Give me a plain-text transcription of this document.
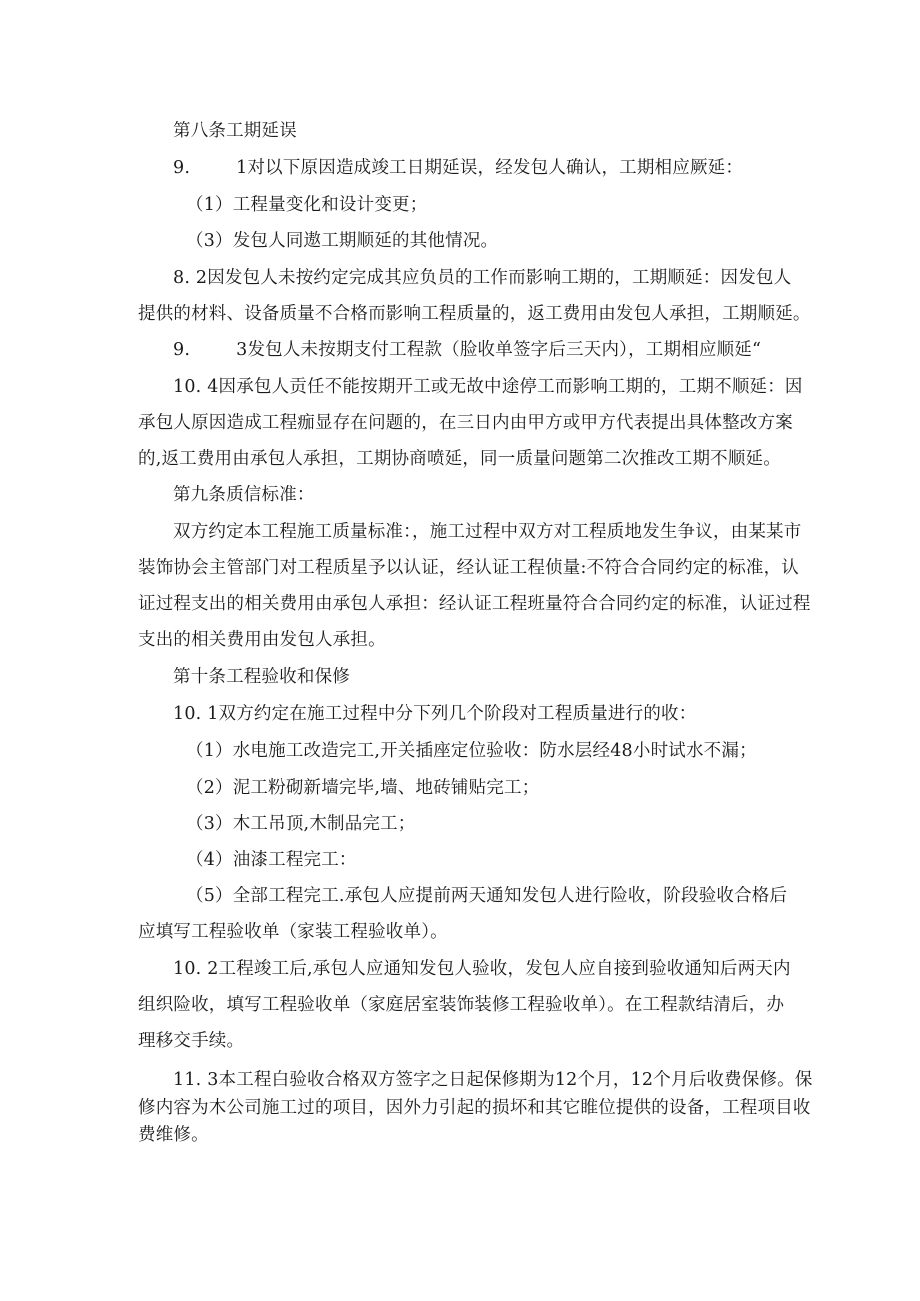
第八条工期延误

9.	1对以下原因造成竣工日期延误，经发包人确认，工期相应厥延：

（1）工程量变化和设计变更；

（3）发包人同遨工期顺延的其他情况。

8. 2因发包人未按约定完成其应负员的工作而影响工期的，工期顺延：因发包人

提供的材料、设备质量不合格而影响工程质量的，返工费用由发包人承担，工期顺延。

9.	3发包人未按期支付工程款（脸收单签字后三天内），工期相应顺延“

10. 4因承包人贡任不能按期开工或无故中途停工而影响工期的，工期不顺延：因

承包人原因造成工程痂显存在问题的，在三日内由甲方或甲方代表提出具体整改方案

的,返工费用由承包人承担，工期协商喷延，同一质量问题第二次推改工期不顺延。

第九条质信标准：

双方约定本工程施工质量标准：，施工过程中双方对工程质地发生争议，由某某市

装饰协会主管部门对工程质星予以认证，经认证工程侦量:不符合合同约定的标准，认

证过程支出的相关费用由承包人承担：经认证工程班量符合合同约定的标准，认证过程

支出的相关费用由发包人承担。

第十条工程验收和保修

10. 1双方约定在施工过程中分下列几个阶段对工程质量进行的收：

（1）水电施工改造完工,开关插座定位验收：防水层经48小时试水不漏；

（2）泥工粉砌新墙完毕,墙、地砖铺贴完工；

（3）木工吊顶,木制品完工；

（4）油漆工程完工：

（5）全部工程完工.承包人应提前两天通知发包人进行险收，阶段验收合格后

应填写工程验收单（家装工程验收单）。

10. 2工程竣工后,承包人应通知发包人验收，发包人应自接到验收通知后两天内

组织险收，填写工程验收单（家庭居室装饰装修工程验收单）。在工程款结清后，办

理移交手续。

11. 3本工程白验收合格双方签字之日起保修期为12个月，12个月后收费保修。保

修内容为木公司施工过的项目，因外力引起的损坏和其它睢位提供的设备，工程项目收

费维修。
